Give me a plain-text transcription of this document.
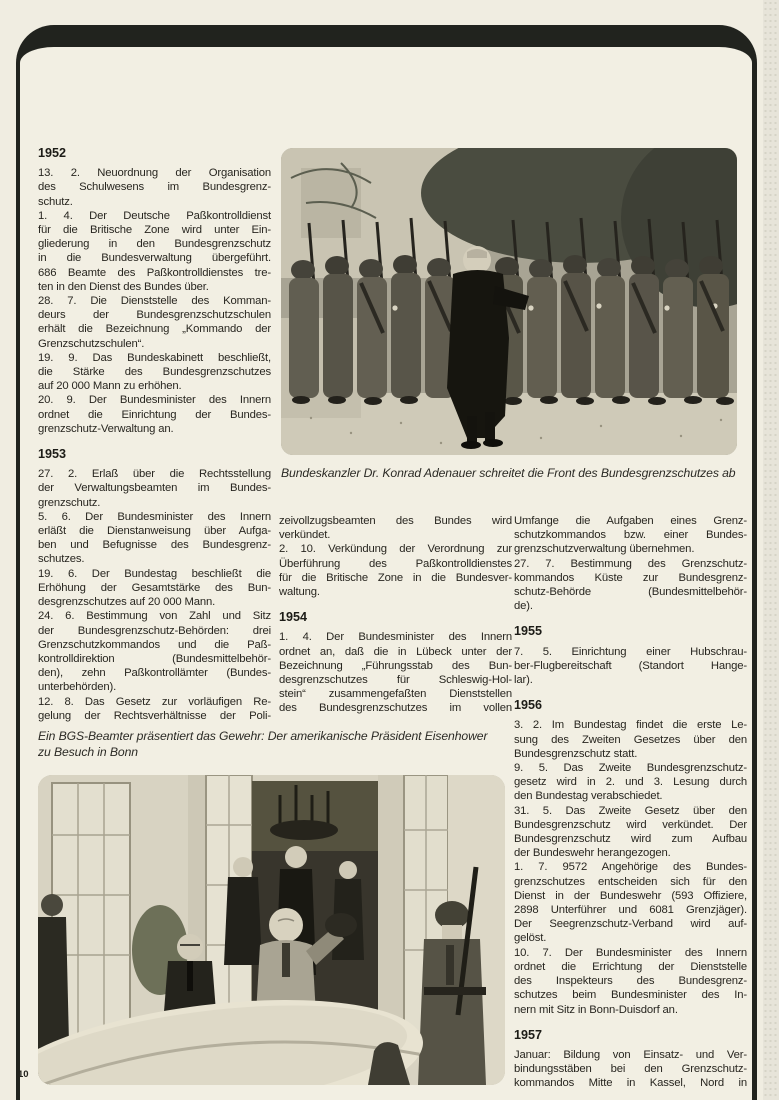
Bundeskanzler Dr. Konrad Adenauer schreitet die Front des Bundesgrenzschutzes ab
1952
13. 2. Neuordnung der Organisation
des Schulwesens im Bundesgrenz-
schutz.
1. 4. Der Deutsche Paßkontrolldienst
für die Britische Zone wird unter Ein-
gliederung in den Bundesgrenzschutz
in die Bundesverwaltung übergeführt.
686 Beamte des Paßkontrolldienstes tre-
ten in den Dienst des Bundes über.
28. 7. Die Dienststelle des Komman-
deurs der Bundesgrenzschutzschulen
erhält die Bezeichnung „Kommando der
Grenzschutzschulen“.
19. 9. Das Bundeskabinett beschließt,
die Stärke des Bundesgrenzschutzes
auf 20 000 Mann zu erhöhen.
20. 9. Der Bundesminister des Innern
ordnet die Einrichtung der Bundes-
grenzschutz-Verwaltung an.
1953
27. 2. Erlaß über die Rechtsstellung
der Verwaltungsbeamten im Bundes-
grenzschutz.
5. 6. Der Bundesminister des Innern
erläßt die Dienstanweisung über Aufga-
ben und Befugnisse des Bundesgrenz-
schutzes.
19. 6. Der Bundestag beschließt die
Erhöhung der Gesamtstärke des Bun-
desgrenzschutzes auf 20 000 Mann.
24. 6. Bestimmung von Zahl und Sitz
der Bundesgrenzschutz-Behörden: drei
Grenzschutzkommandos und die Paß-
kontrolldirektion (Bundesmittelbehör-
den), zehn Paßkontrollämter (Bundes-
unterbehörden).
12. 8. Das Gesetz zur vorläufigen Re-
gelung der Rechtsverhältnisse der Poli-
zeivollzugsbeamten des Bundes wird
verkündet.
2. 10. Verkündung der Verordnung zur
Überführung des Paßkontrolldienstes
für die Britische Zone in die Bundesver-
waltung.
1954
1. 4. Der Bundesminister des Innern
ordnet an, daß die in Lübeck unter der
Bezeichnung „Führungsstab des Bun-
desgrenzschutzes für Schleswig-Hol-
stein“ zusammengefaßten Dienststellen
des Bundesgrenzschutzes im vollen
Umfange die Aufgaben eines Grenz-
schutzkommandos bzw. einer Bundes-
grenzschutzverwaltung übernehmen.
27. 7. Bestimmung des Grenzschutz-
kommandos Küste zur Bundesgrenz-
schutz-Behörde (Bundesmittelbehör-
de).
1955
7. 5. Einrichtung einer Hubschrau-
ber-Flugbereitschaft (Standort Hange-
lar).
1956
3. 2. Im Bundestag findet die erste Le-
sung des Zweiten Gesetzes über den
Bundesgrenzschutz statt.
9. 5. Das Zweite Bundesgrenzschutz-
gesetz wird in 2. und 3. Lesung durch
den Bundestag verabschiedet.
31. 5. Das Zweite Gesetz über den
Bundesgrenzschutz wird verkündet. Der
Bundesgrenzschutz wird zum Aufbau
der Bundeswehr herangezogen.
1. 7. 9572 Angehörige des Bundes-
grenzschutzes entscheiden sich für den
Dienst in der Bundeswehr (593 Offiziere,
2898 Unterführer und 6081 Grenzjäger).
Der Seegrenzschutz-Verband wird auf-
gelöst.
10. 7. Der Bundesminister des Innern
ordnet die Errichtung der Dienststelle
des Inspekteurs des Bundesgrenz-
schutzes beim Bundesminister des In-
nern mit Sitz in Bonn-Duisdorf an.
1957
Januar: Bildung von Einsatz- und Ver-
bindungsstäben bei den Grenzschutz-
kommandos Mitte in Kassel, Nord in
Ein BGS-Beamter präsentiert das Gewehr: Der amerikanische Präsident Eisenhower zu Besuch in Bonn
10
